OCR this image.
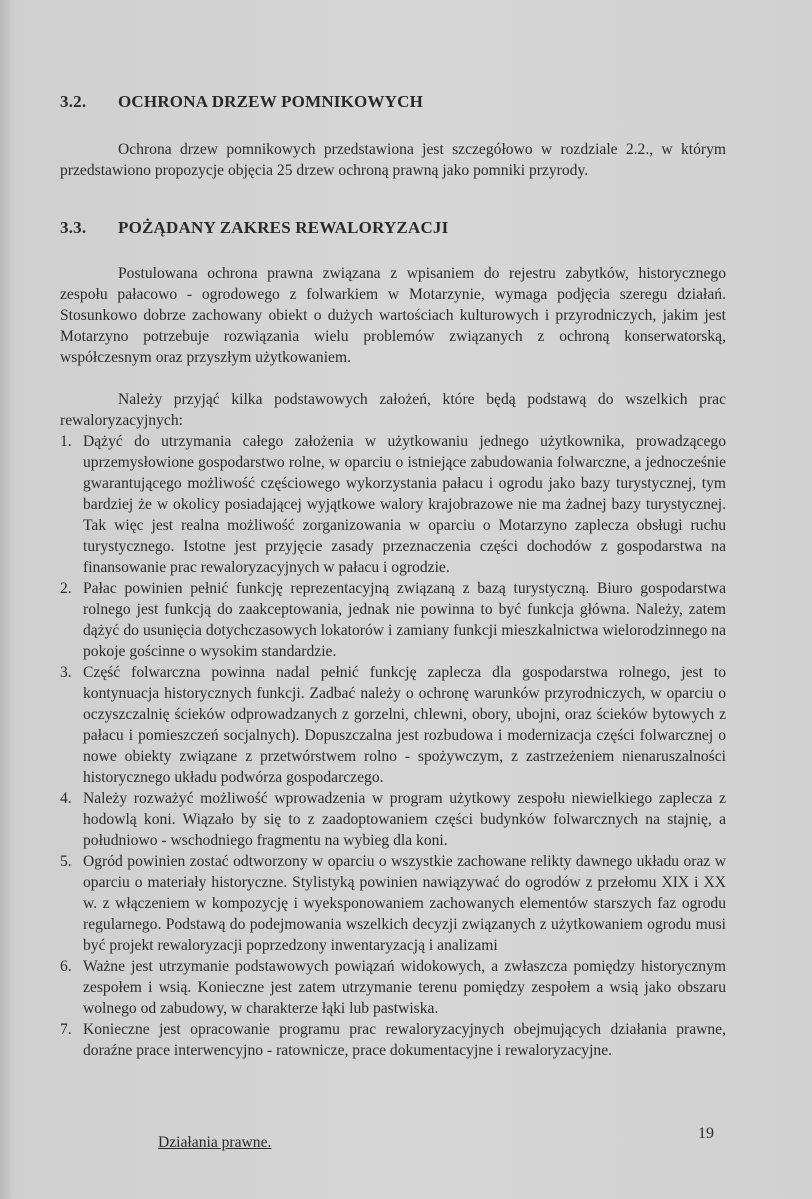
3.2. OCHRONA DRZEW POMNIKOWYCH

Ochrona drzew pomnikowych przedstawiona jest szczegółowo w rozdziale 2.2., w którym przedstawiono propozycje objęcia 25 drzew ochroną prawną jako pomniki przyrody.

3.3. POŻĄDANY ZAKRES REWALORYZACJI

Postulowana ochrona prawna związana z wpisaniem do rejestru zabytków, historycznego zespołu pałacowo - ogrodowego z folwarkiem w Motarzynie, wymaga podjęcia szeregu działań. Stosunkowo dobrze zachowany obiekt o dużych wartościach kulturowych i przyrodniczych, jakim jest Motarzyno potrzebuje rozwiązania wielu problemów związanych z ochroną konserwatorską, współczesnym oraz przyszłym użytkowaniem.

Należy przyjąć kilka podstawowych założeń, które będą podstawą do wszelkich prac rewaloryzacyjnych:

1. Dążyć do utrzymania całego założenia w użytkowaniu jednego użytkownika, prowadzącego uprzemysłowione gospodarstwo rolne, w oparciu o istniejące zabudowania folwarczne, a jednocześnie gwarantującego możliwość częściowego wykorzystania pałacu i ogrodu jako bazy turystycznej, tym bardziej że w okolicy posiadającej wyjątkowe walory krajobrazowe nie ma żadnej bazy turystycznej. Tak więc jest realna możliwość zorganizowania w oparciu o Motarzyno zaplecza obsługi ruchu turystycznego. Istotne jest przyjęcie zasady przeznaczenia części dochodów z gospodarstwa na finansowanie prac rewaloryzacyjnych w pałacu i ogrodzie.
2. Pałac powinien pełnić funkcję reprezentacyjną związaną z bazą turystyczną. Biuro gospodarstwa rolnego jest funkcją do zaakceptowania, jednak nie powinna to być funkcja główna. Należy, zatem dążyć do usunięcia dotychczasowych lokatorów i zamiany funkcji mieszkalnictwa wielorodzinnego na pokoje gościnne o wysokim standardzie.
3. Część folwarczna powinna nadal pełnić funkcję zaplecza dla gospodarstwa rolnego, jest to kontynuacja historycznych funkcji. Zadbać należy o ochronę warunków przyrodniczych, w oparciu o oczyszczalnię ścieków odprowadzanych z gorzelni, chlewni, obory, ubojni, oraz ścieków bytowych z pałacu i pomieszczeń socjalnych). Dopuszczalna jest rozbudowa i modernizacja części folwarcznej o nowe obiekty związane z przetwórstwem rolno - spożywczym, z zastrzeżeniem nienaruszalności historycznego układu podwórza gospodarczego.
4. Należy rozważyć możliwość wprowadzenia w program użytkowy zespołu niewielkiego zaplecza z hodowlą koni. Wiązało by się to z zaadoptowaniem części budynków folwarcznych na stajnię, a południowo - wschodniego fragmentu na wybieg dla koni.
5. Ogród powinien zostać odtworzony w oparciu o wszystkie zachowane relikty dawnego układu oraz w oparciu o materiały historyczne. Stylistyką powinien nawiązywać do ogrodów z przełomu XIX i XX w. z włączeniem w kompozycję i wyeksponowaniem zachowanych elementów starszych faz ogrodu regularnego. Podstawą do podejmowania wszelkich decyzji związanych z użytkowaniem ogrodu musi być projekt rewaloryzacji poprzedzony inwentaryzacją i analizami
6. Ważne jest utrzymanie podstawowych powiązań widokowych, a zwłaszcza pomiędzy historycznym zespołem i wsią. Konieczne jest zatem utrzymanie terenu pomiędzy zespołem a wsią jako obszaru wolnego od zabudowy, w charakterze łąki lub pastwiska.
7. Konieczne jest opracowanie programu prac rewaloryzacyjnych obejmujących działania prawne, doraźne prace interwencyjno - ratownicze, prace dokumentacyjne i rewaloryzacyjne.
Działania prawne.
19
